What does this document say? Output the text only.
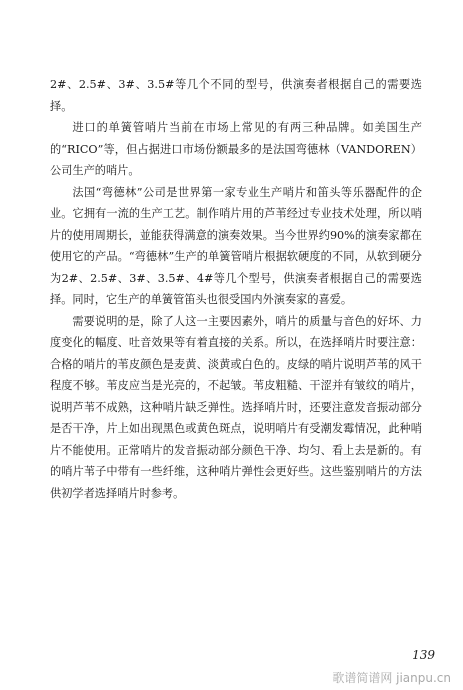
2#、2.5#、3#、3.5#等几个不同的型号，供演奏者根据自己的需要选择。

进口的单簧管哨片当前在市场上常见的有两三种品牌。如美国生产的“RICO”等，但占据进口市场份额最多的是法国弯德林（VANDOREN）公司生产的哨片。

法国“弯德林”公司是世界第一家专业生产哨片和笛头等乐器配件的企业。它拥有一流的生产工艺。制作哨片用的芦苇经过专业技术处理，所以哨片的使用周期长，並能获得满意的演奏效果。当今世界约90%的演奏家都在使用它的产品。“弯德林”生产的单簧管哨片根据软硬度的不同，从软到硬分为2#、2.5#、3#、3.5#、4#等几个型号，供演奏者根据自己的需要选择。同时，它生产的单簧管笛头也很受国内外演奏家的喜爱。

需要说明的是，除了人这一主要因素外，哨片的质量与音色的好坏、力度变化的幅度、吐音效果等有着直接的关系。所以，在选择哨片时要注意：合格的哨片的苇皮颜色是麦黄、淡黄或白色的。皮绿的哨片说明芦苇的风干程度不够。苇皮应当是光亮的，不起皱。苇皮粗糙、干涩并有皱纹的哨片，说明芦苇不成熟，这种哨片缺乏弹性。选择哨片时，还要注意发音振动部分是否干净，片上如出现黑色或黄色斑点，说明哨片有受潮发霉情况，此种哨片不能使用。正常哨片的发音振动部分颜色干净、均匀、看上去是新的。有的哨片苇子中带有一些纤维，这种哨片弹性会更好些。这些鉴别哨片的方法供初学者选择哨片时参考。

139
歌谱简谱网 jianpu.cn
